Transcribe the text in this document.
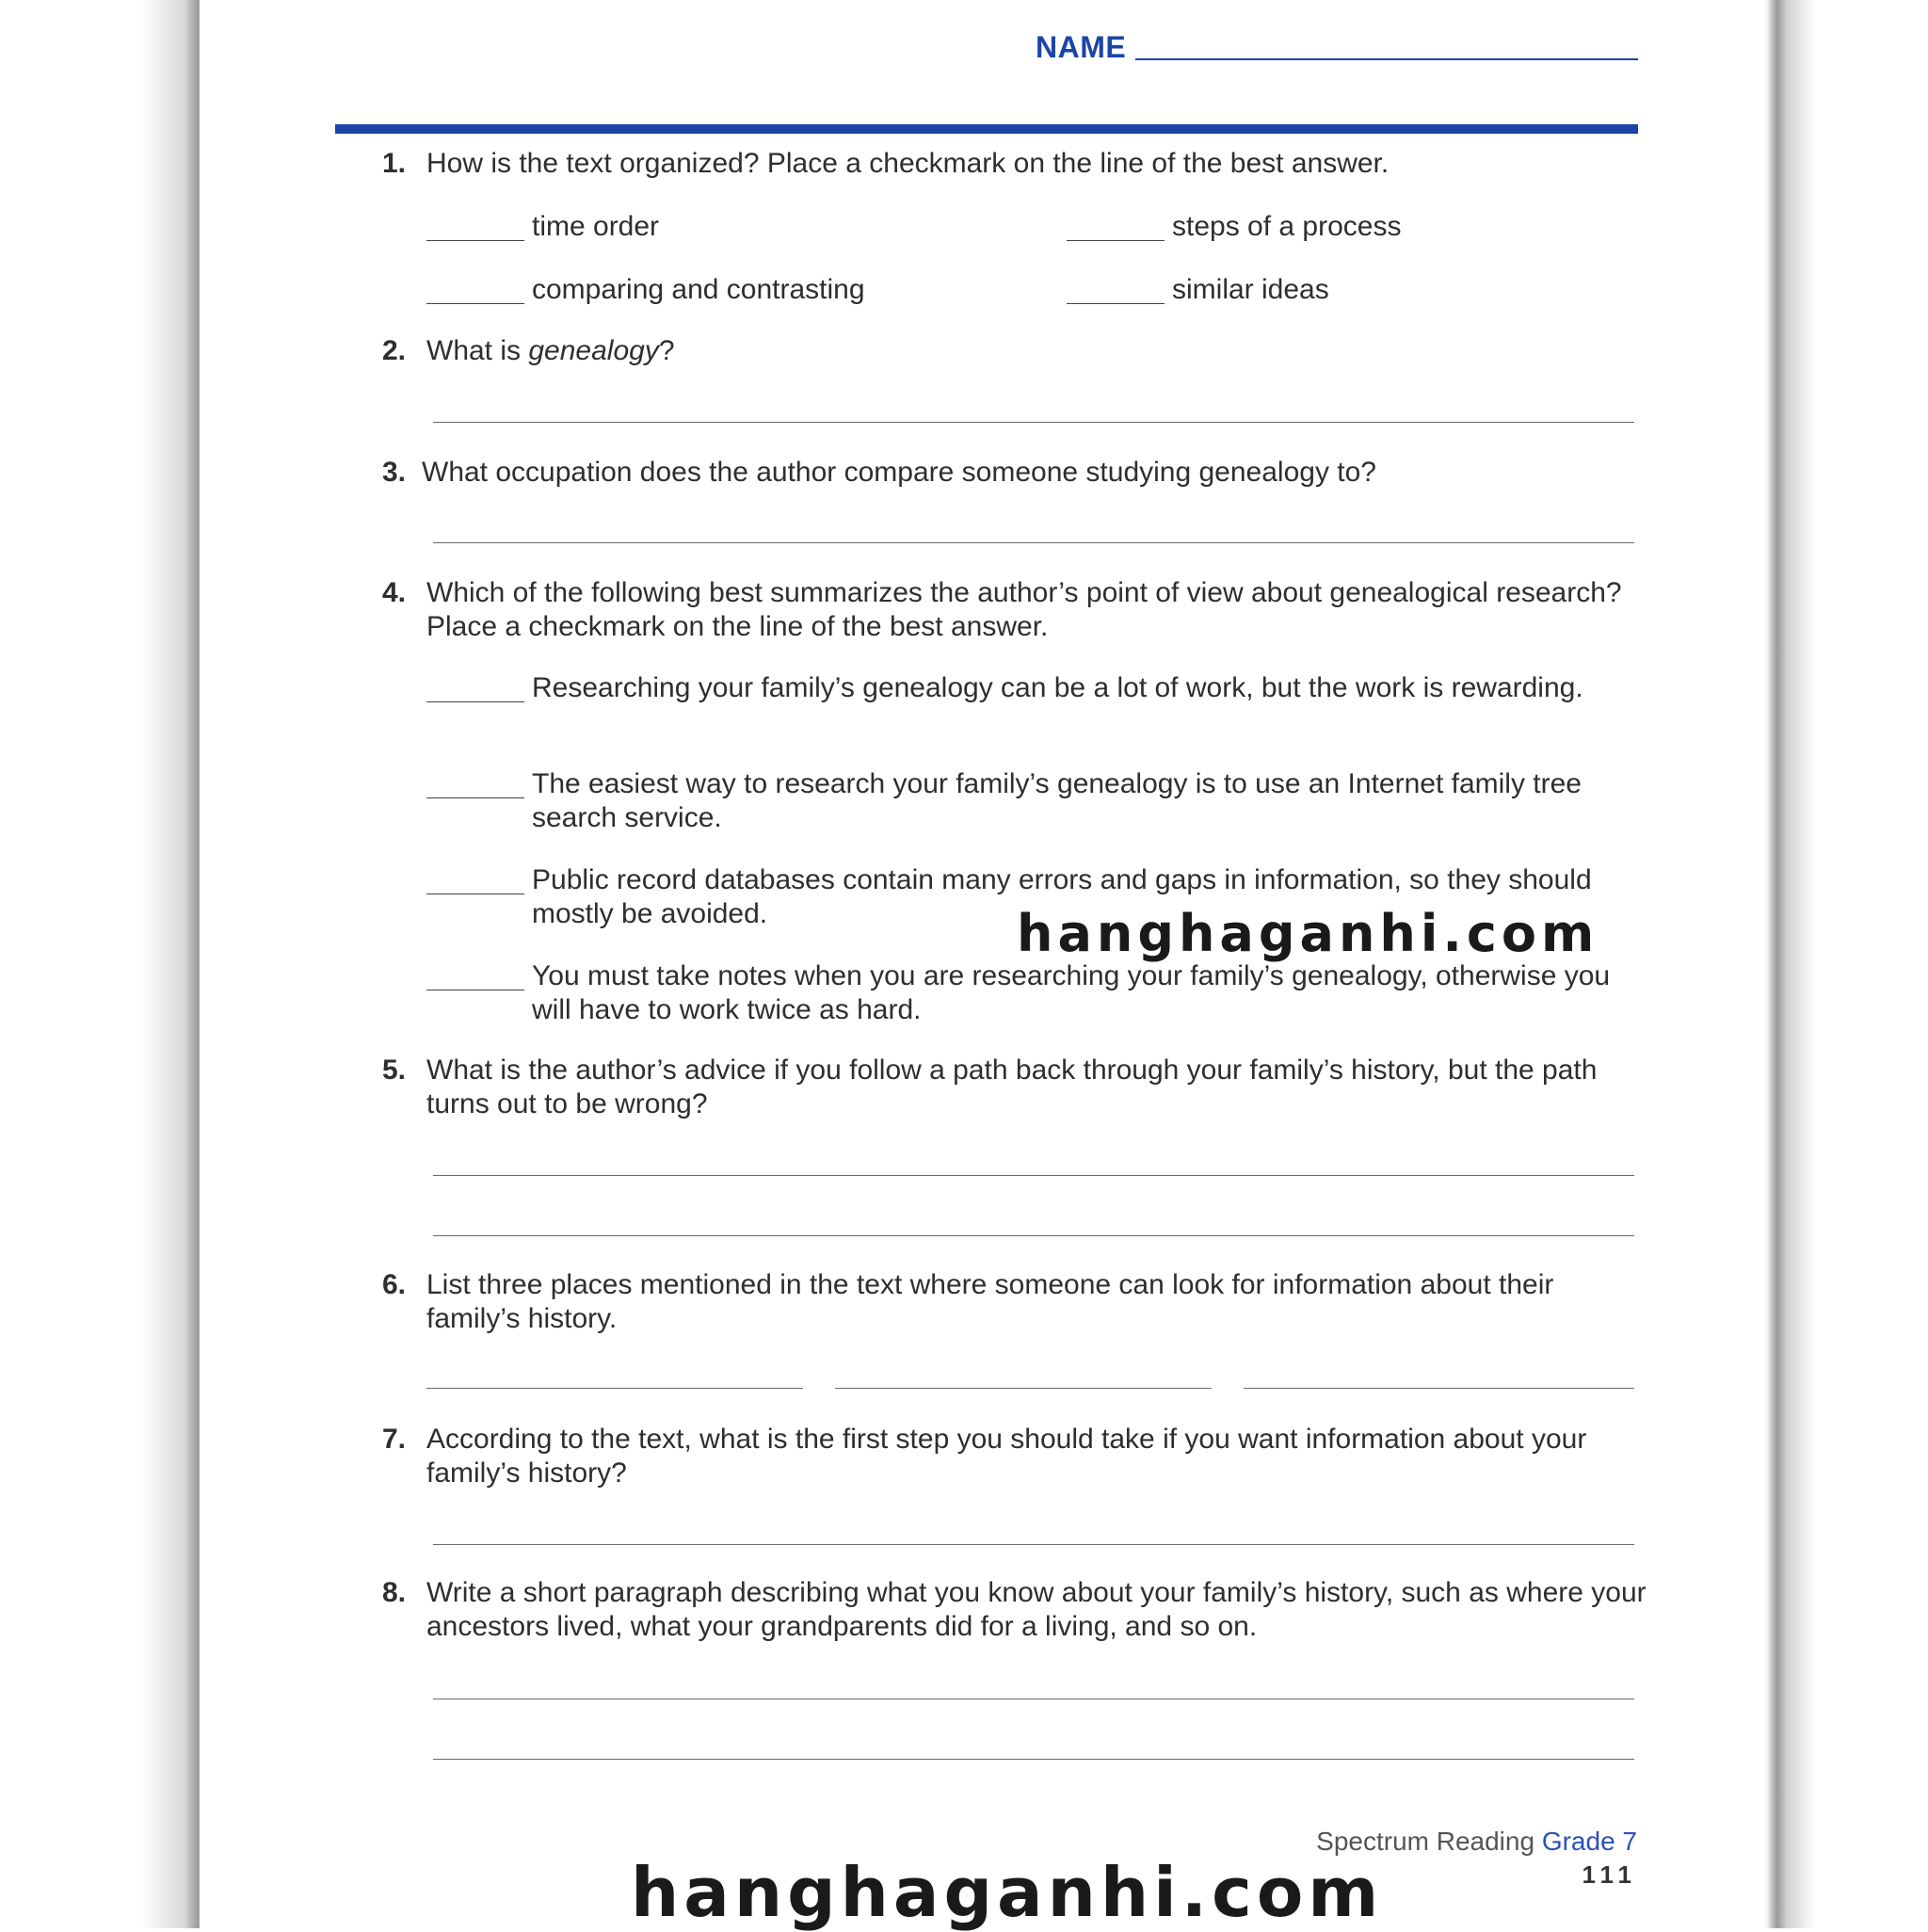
NAME
1. How is the text organized? Place a checkmark on the line of the best answer.
time order	steps of a process
comparing and contrasting	similar ideas
2. What is genealogy?
3. What occupation does the author compare someone studying genealogy to?
4. Which of the following best summarizes the author’s point of view about genealogical research? Place a checkmark on the line of the best answer.
Researching your family’s genealogy can be a lot of work, but the work is rewarding.
The easiest way to research your family’s genealogy is to use an Internet family tree search service.
Public record databases contain many errors and gaps in information, so they should mostly be avoided.
You must take notes when you are researching your family’s genealogy, otherwise you will have to work twice as hard.
5. What is the author’s advice if you follow a path back through your family’s history, but the path turns out to be wrong?
6. List three places mentioned in the text where someone can look for information about their family’s history.
7. According to the text, what is the first step you should take if you want information about your family’s history?
8. Write a short paragraph describing what you know about your family’s history, such as where your ancestors lived, what your grandparents did for a living, and so on.
Spectrum Reading Grade 7
111
hanghaganhi.com
hanghaganhi.com
